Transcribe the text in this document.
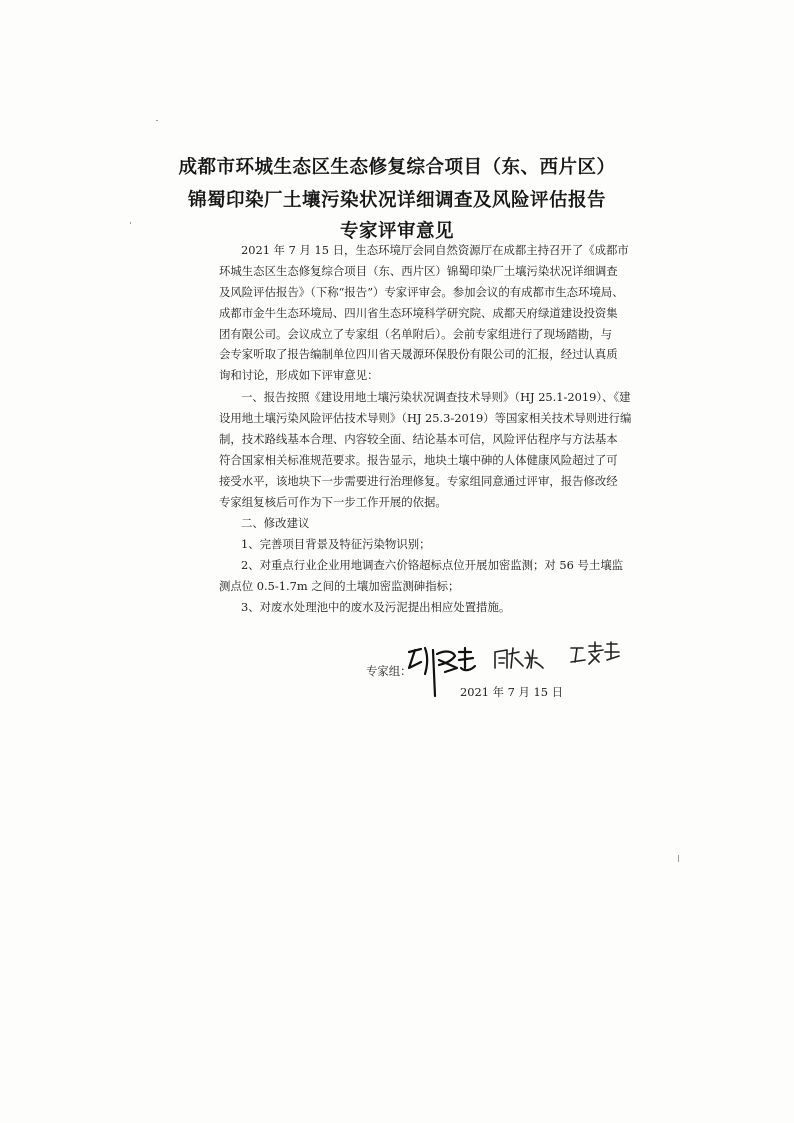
成都市环城生态区生态修复综合项目（东、西片区）
锦蜀印染厂土壤污染状况详细调查及风险评估报告
专家评审意见
2021 年 7 月 15 日，生态环境厅会同自然资源厅在成都主持召开了《成都市
环城生态区生态修复综合项目（东、西片区）锦蜀印染厂土壤污染状况详细调查
及风险评估报告》（下称“报告”）专家评审会。参加会议的有成都市生态环境局、
成都市金牛生态环境局、四川省生态环境科学研究院、成都天府绿道建设投资集
团有限公司。会议成立了专家组（名单附后）。会前专家组进行了现场踏勘，与
会专家听取了报告编制单位四川省天晟源环保股份有限公司的汇报，经过认真质
询和讨论，形成如下评审意见：
一、报告按照《建设用地土壤污染状况调查技术导则》（HJ 25.1-2019）、《建
设用地土壤污染风险评估技术导则》（HJ 25.3-2019）等国家相关技术导则进行编
制，技术路线基本合理、内容较全面、结论基本可信，风险评估程序与方法基本
符合国家相关标准规范要求。报告显示，地块土壤中砷的人体健康风险超过了可
接受水平，该地块下一步需要进行治理修复。专家组同意通过评审，报告修改经
专家组复核后可作为下一步工作开展的依据。
二、修改建议
1、完善项目背景及特征污染物识别；
2、对重点行业企业用地调查六价铬超标点位开展加密监测；对 56 号土壤监
测点位 0.5-1.7m 之间的土壤加密监测砷指标；
3、对废水处理池中的废水及污泥提出相应处置措施。
专家组：
2021 年 7 月 15 日
